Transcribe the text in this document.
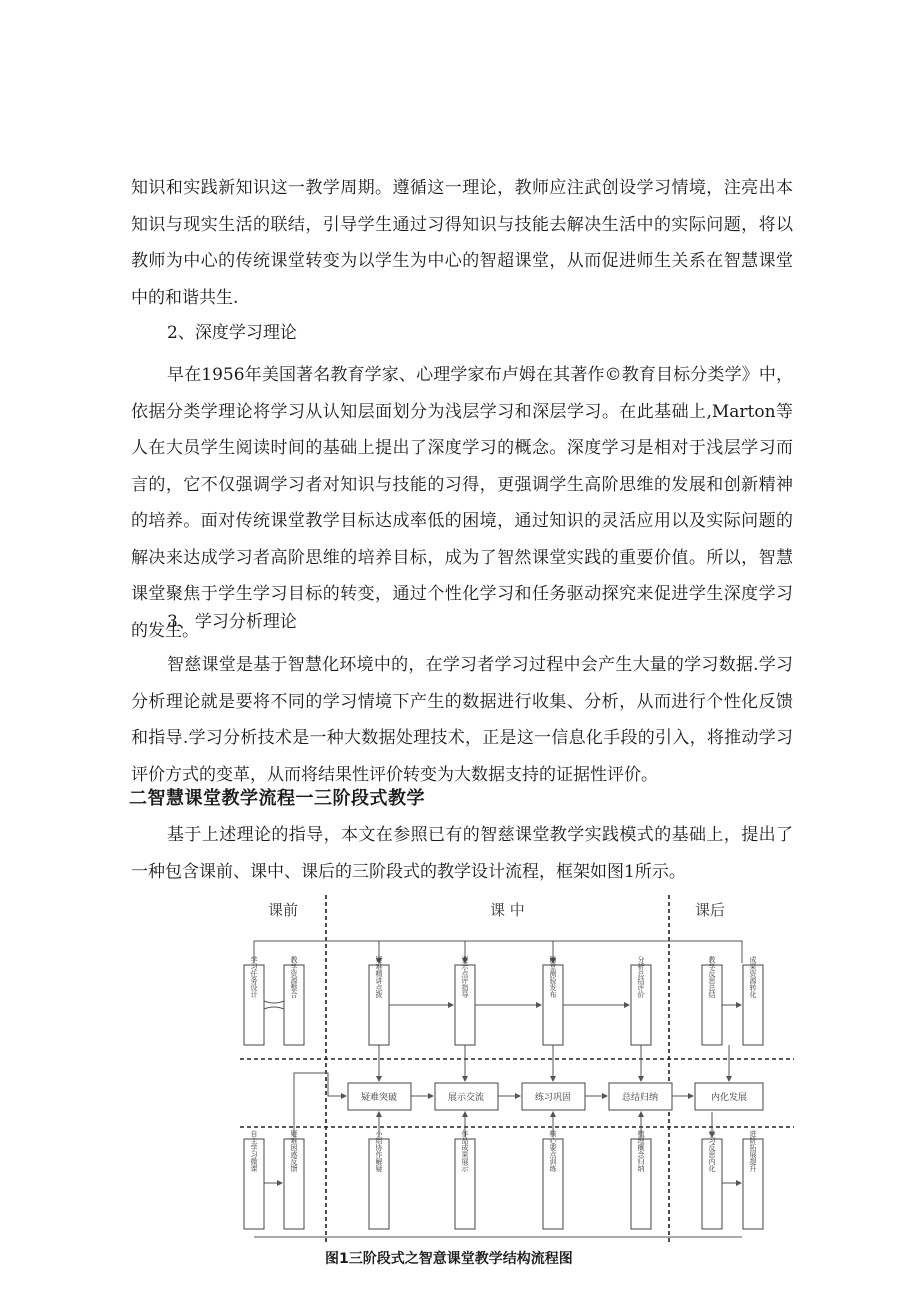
知识和实践新知识这一教学周期。遵循这一理论，教师应注武创设学习情境，注亮出本知识与现实生活的联结，引导学生通过习得知识与技能去解决生活中的实际问题，将以教师为中心的传统课堂转变为以学生为中心的智超课堂，从而促进师生关系在智慧课堂中的和谐共生.

2、深度学习理论

早在1956年美国著名教育学家、心理学家布卢姆在其著作©教育目标分类学》中，依据分类学理论将学习从认知层面划分为浅层学习和深层学习。在此基础上,Marton等人在大员学生阅读时间的基础上提出了深度学习的概念。深度学习是相对于浅层学习而言的，它不仅强调学习者对知识与技能的习得，更强调学生高阶思维的发展和创新精神的培养。面对传统课堂教学目标达成率低的困境，通过知识的灵活应用以及实际问题的解决来达成学习者高阶思维的培养目标，成为了智然课堂实践的重要价值。所以，智慧课堂聚焦于学生学习目标的转变，通过个性化学习和任务驱动探究来促进学生深度学习的发生。

3、学习分析理论

智慈课堂是基于智慧化环境中的，在学习者学习过程中会产生大量的学习数据.学习分析理论就是要将不同的学习情境下产生的数据进行收集、分析，从而进行个性化反馈和指导.学习分析技术是一种大数据处理技术，正是这一信息化手段的引入，将推动学习评价方式的变革，从而将结果性评价转变为大数据支持的证据性评价。

二智慧课堂教学流程一三阶段式教学

基于上述理论的指导，本文在参照已有的智慈课堂教学实践模式的基础上，提出了一种包含课前、课中、课后的三阶段式的教学设计流程，框架如图1所示。

课前	课 中	课后
学习任务设计	教学资源整合	疑难精讲点拨	要示点评指导	随堂测验发布	分析总结评价	教学反思总结	成果资源转化
疑难突破	展示交流	练习巩固	总结归纳	内化发展
自主学习微课	疑难困惑反馈	小组协作解疑	作品成果展示	核心要点训练	梳理概念归纳	学习反思内化	进阶拓展提升

图1三阶段式之智意课堂教学结构流程图
